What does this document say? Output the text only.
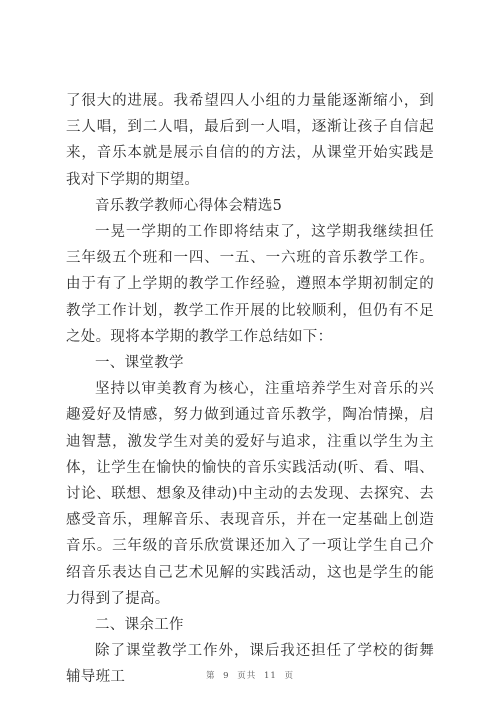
了很大的进展。我希望四人小组的力量能逐渐缩小，到三人唱，到二人唱，最后到一人唱，逐渐让孩子自信起来，音乐本就是展示自信的的方法，从课堂开始实践是我对下学期的期望。

音乐教学教师心得体会精选5

一晃一学期的工作即将结束了，这学期我继续担任三年级五个班和一四、一五、一六班的音乐教学工作。由于有了上学期的教学工作经验，遵照本学期初制定的教学工作计划，教学工作开展的比较顺利，但仍有不足之处。现将本学期的教学工作总结如下：

一、课堂教学

坚持以审美教育为核心，注重培养学生对音乐的兴趣爱好及情感，努力做到通过音乐教学，陶冶情操，启迪智慧，激发学生对美的爱好与追求，注重以学生为主体，让学生在愉快的愉快的音乐实践活动(听、看、唱、讨论、联想、想象及律动)中主动的去发现、去探究、去感受音乐，理解音乐、表现音乐，并在一定基础上创造音乐。三年级的音乐欣赏课还加入了一项让学生自己介绍音乐表达自己艺术见解的实践活动，这也是学生的能力得到了提高。

二、课余工作

除了课堂教学工作外，课后我还担任了学校的街舞辅导班工	第 9 页共 11 页
